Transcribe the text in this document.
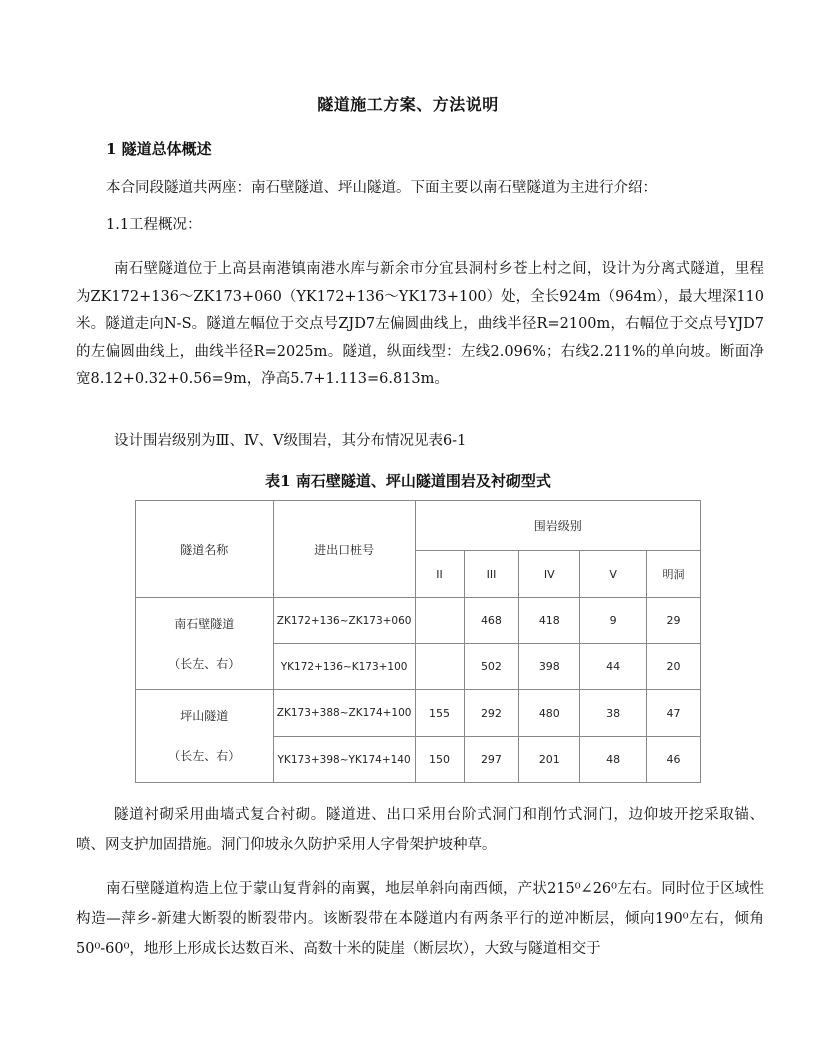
隧道施工方案、方法说明
1 隧道总体概述
本合同段隧道共两座：南石壁隧道、坪山隧道。下面主要以南石壁隧道为主进行介绍：
1.1工程概况：
南石壁隧道位于上高县南港镇南港水库与新余市分宜县洞村乡苍上村之间，设计为分离式隧道，里程为ZK172+136～ZK173+060（YK172+136～YK173+100）处，全长924m（964m），最大埋深110米。隧道走向N-S。隧道左幅位于交点号ZJD7左偏圆曲线上，曲线半径R=2100m，右幅位于交点号YJD7的左偏圆曲线上，曲线半径R=2025m。隧道，纵面线型：左线2.096%；右线2.211%的单向坡。断面净宽8.12+0.32+0.56=9m，净高5.7+1.113=6.813m。
设计围岩级别为Ⅲ、Ⅳ、Ⅴ级围岩，其分布情况见表6-1
表1 南石壁隧道、坪山隧道围岩及衬砌型式
隧道名称	进出口桩号	围岩级别				
		II	III	IV	V	明洞

南石壁隧道
（长左、右）	ZK172+136~ZK173+060		468	418	9	29
	YK172+136~K173+100		502	398	44	20

坪山隧道
（长左、右）	ZK173+388~ZK174+100	155	292	480	38	47
	YK173+398~YK174+140	150	297	201	48	46
隧道衬砌采用曲墙式复合衬砌。隧道进、出口采用台阶式洞门和削竹式洞门，边仰坡开挖采取锚、喷、网支护加固措施。洞门仰坡永久防护采用人字骨架护坡种草。
南石壁隧道构造上位于蒙山复背斜的南翼，地层单斜向南西倾，产状215⁰∠26⁰左右。同时位于区域性构造—萍乡-新建大断裂的断裂带内。该断裂带在本隧道内有两条平行的逆冲断层，倾向190⁰左右，倾角50⁰-60⁰，地形上形成长达数百米、高数十米的陡崖（断层坎），大致与隧道相交于
